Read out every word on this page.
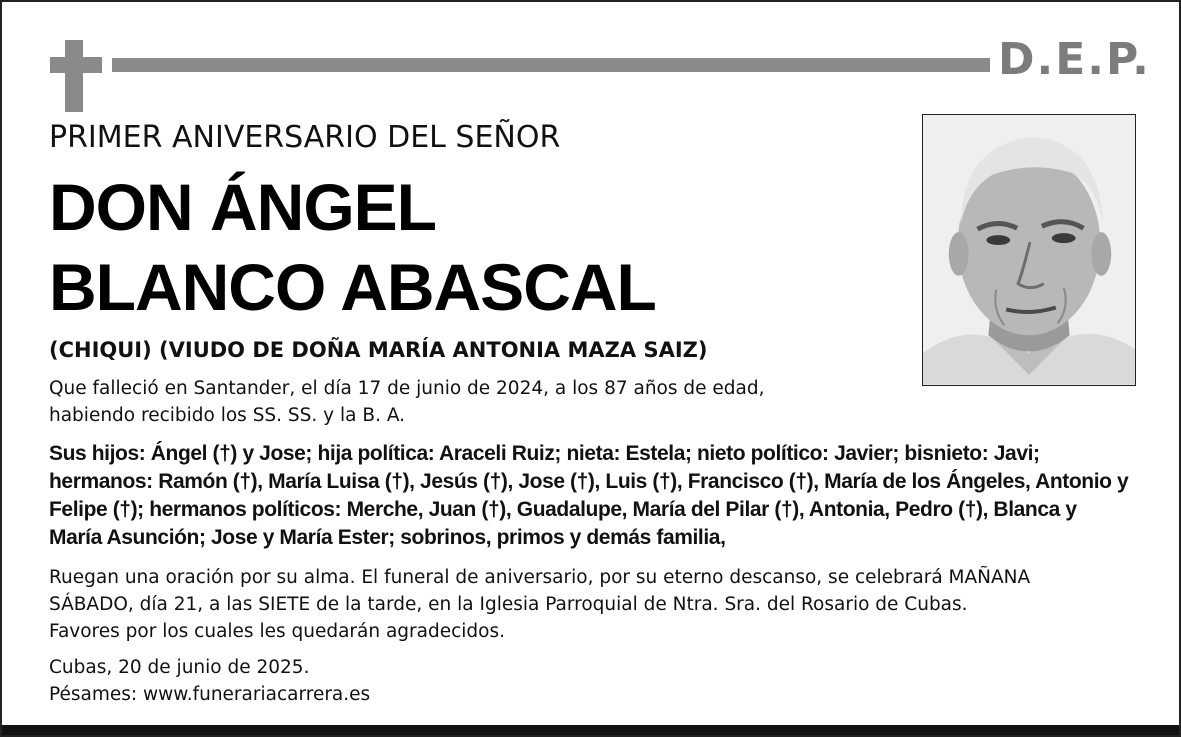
D.E.P.
PRIMER ANIVERSARIO DEL SEÑOR
DON ÁNGEL
BLANCO ABASCAL
(CHIQUI) (VIUDO DE DOÑA MARÍA ANTONIA MAZA SAIZ)
Que falleció en Santander, el día 17 de junio de 2024, a los 87 años de edad,
habiendo recibido los SS. SS. y la B. A.
Sus hijos: Ángel (†) y Jose; hija política: Araceli Ruiz; nieta: Estela; nieto político: Javier; bisnieto: Javi;
hermanos: Ramón (†), María Luisa (†), Jesús (†), Jose (†), Luis (†), Francisco (†), María de los Ángeles, Antonio y
Felipe (†); hermanos políticos: Merche, Juan (†), Guadalupe, María del Pilar (†), Antonia, Pedro (†), Blanca y
María Asunción; Jose y María Ester; sobrinos, primos y demás familia,
Ruegan una oración por su alma. El funeral de aniversario, por su eterno descanso, se celebrará MAÑANA
SÁBADO, día 21, a las SIETE de la tarde, en la Iglesia Parroquial de Ntra. Sra. del Rosario de Cubas.
Favores por los cuales les quedarán agradecidos.
Cubas, 20 de junio de 2025.
Pésames: www.funerariacarrera.es
